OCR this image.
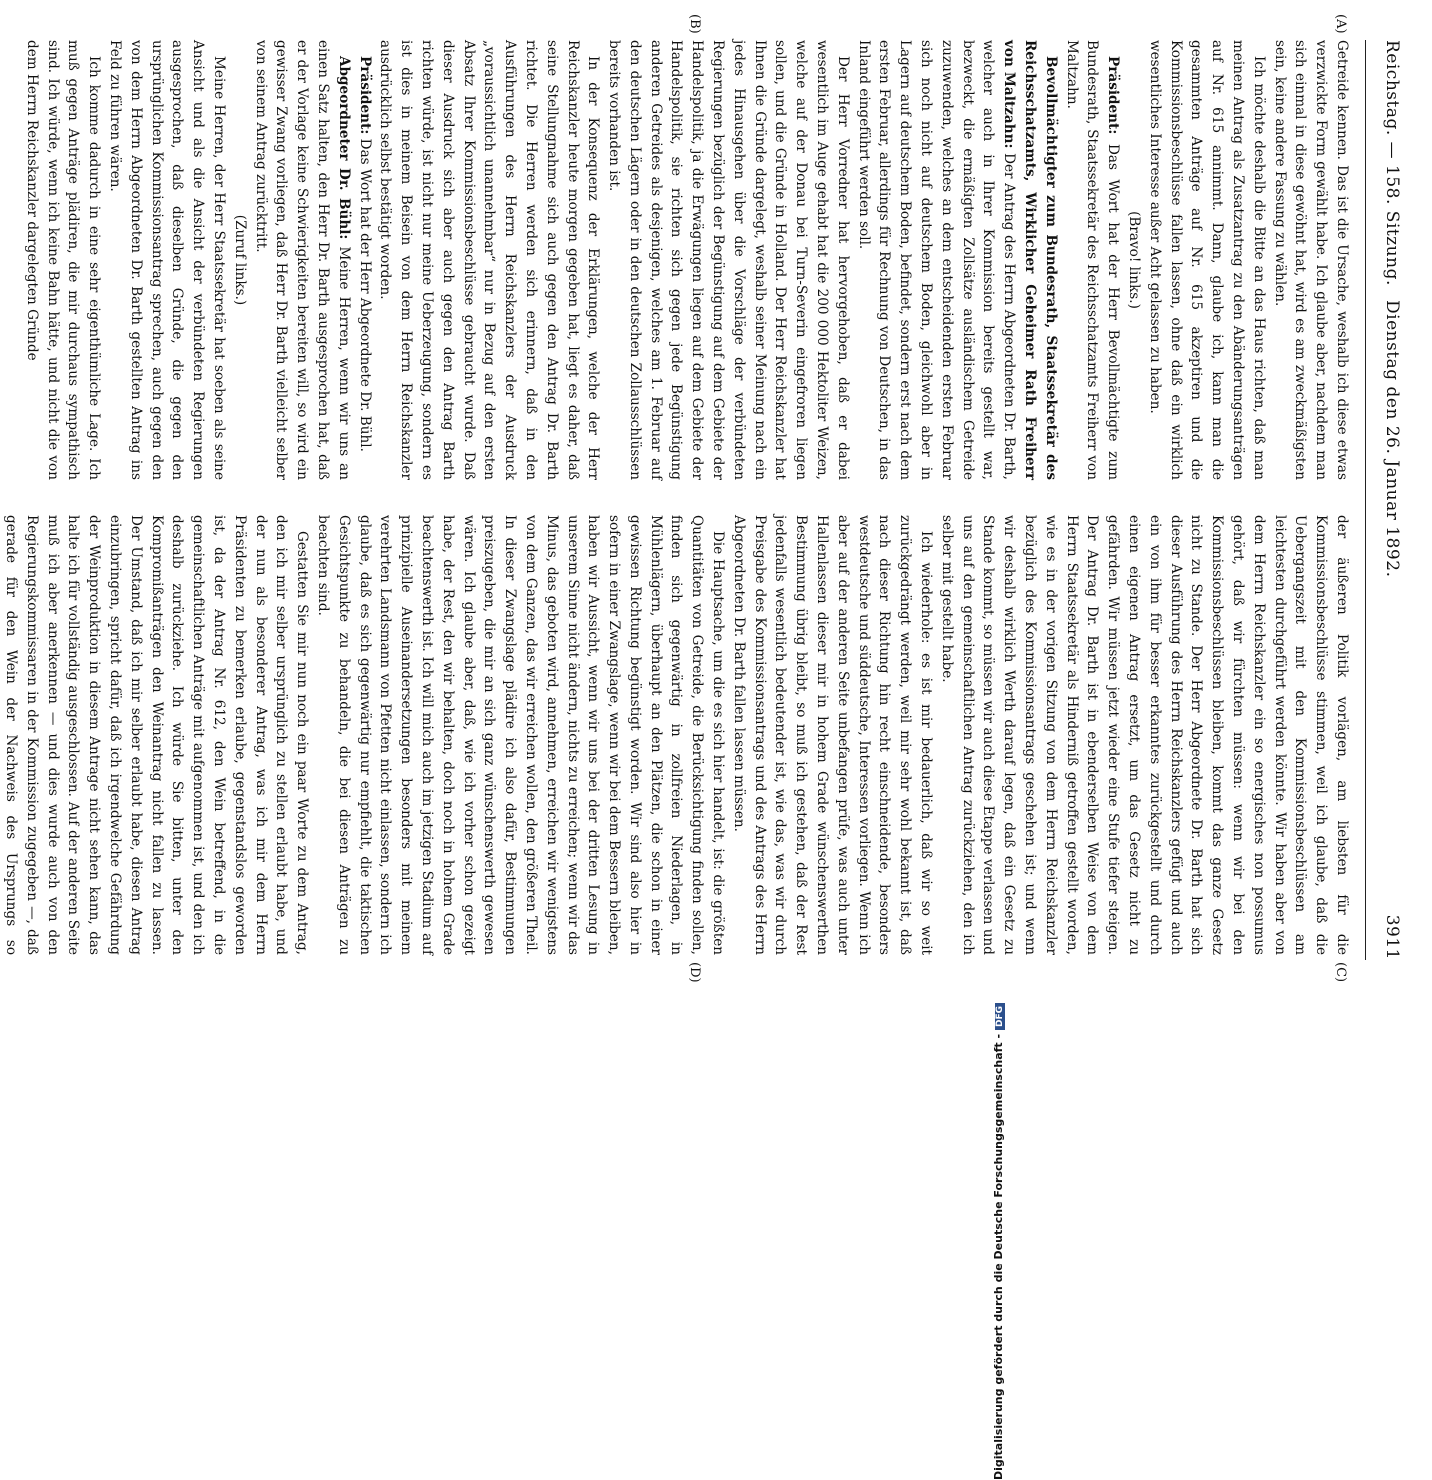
Reichstag. — 158. Sitzung.
Dienstag den 26. Januar 1892.
3911
(A)
(B)
(C)
(D)

Getreide kennen. Das ist die Ursache, weshalb ich diese etwas verzwickte Form gewählt habe. Ich glaube aber, nachdem man sich einmal in diese gewöhnt hat, wird es am zweckmäßigsten sein, keine andere Fassung zu wählen.

Ich möchte deshalb die Bitte an das Haus richten, daß man meinen Antrag als Zusatzantrag zu den Abänderungsanträgen auf Nr. 615 annimmt. Dann, glaube ich, kann man die gesammten Anträge auf Nr. 615 akzeptiren und die Kommissionsbeschlüsse fallen lassen, ohne daß ein wirklich wesentliches Interesse außer Acht gelassen zu haben.

(Bravo! links.)

Präsident: Das Wort hat der Herr Bevollmächtigte zum Bundesrath, Staatssekretär des Reichsschatzamts Freiherr von Maltzahn.

Bevollmächtigter zum Bundesrath, Staatssekretär des Reichsschatzamts, Wirklicher Geheimer Rath Freiherr von Maltzahn: Der Antrag des Herrn Abgeordneten Dr. Barth, welcher auch in Ihrer Kommission bereits gestellt war, bezweckt, die ermäßigten Zollsätze ausländischem Getreide zuzuwenden, welches an dem entscheidenden ersten Februar sich noch nicht auf deutschem Boden, gleichwohl aber in Lagern auf deutschem Boden, befindet, sondern erst nach dem ersten Februar, allerdings für Rechnung von Deutschen, in das Inland eingeführt werden soll.

Der Herr Vorredner hat hervorgehoben, daß er dabei wesentlich im Auge gehabt hat die 200 000 Hektoliter Weizen, welche auf der Donau bei Turn-Severin eingefroren liegen sollen, und die Gründe in Holland. Der Herr Reichskanzler hat Ihnen die Gründe dargelegt, weshalb seiner Meinung nach ein jedes Hinausgehen über die Vorschläge der verbündeten Regierungen bezüglich der Begünstigung auf dem Gebiete der Handelspolitik, ja die Erwägungen liegen auf dem Gebiete der Handelspolitik, sie richten sich gegen jede Begünstigung anderen Getreides als desjenigen, welches am 1. Februar auf den deutschen Lägern oder in den deutschen Zollausschlüssen bereits vorhanden ist.

In der Konsequenz der Erklärungen, welche der Herr Reichskanzler heute morgen gegeben hat, liegt es daher, daß seine Stellungnahme sich auch gegen den Antrag Dr. Barth richtet. Die Herren werden sich erinnern, daß in den Ausführungen des Herrn Reichskanzlers der Ausdruck „voraussichtlich unannehmbar“ nur in Bezug auf den ersten Absatz Ihrer Kommissionsbeschlüsse gebraucht wurde. Daß dieser Ausdruck sich aber auch gegen den Antrag Barth richten würde, ist nicht nur meine Ueberzeugung, sondern es ist dies in meinem Beisein von dem Herrn Reichskanzler ausdrücklich selbst bestätigt worden.

Präsident: Das Wort hat der Herr Abgeordnete Dr. Bühl.

Abgeordneter Dr. Bühl: Meine Herren, wenn wir uns an einen Satz halten, den Herr Dr. Barth ausgesprochen hat, daß er der Vorlage keine Schwierigkeiten bereiten will, so wird ein gewisser Zwang vorliegen, daß Herr Dr. Barth vielleicht selber von seinem Antrag zurücktritt.

(Zuruf links.)

Meine Herren, der Herr Staatssekretär hat soeben als seine Ansicht und als die Ansicht der verbündeten Regierungen ausgesprochen, daß dieselben Gründe, die gegen den ursprünglichen Kommissionsantrag sprechen, auch gegen den von dem Herrn Abgeordneten Dr. Barth gestellten Antrag ins Feld zu führen wären.

Ich komme dadurch in eine sehr eigenthümliche Lage. Ich muß gegen Anträge plädiren, die mir durchaus sympathisch sind. Ich würde, wenn ich keine Bahn hätte, und nicht die von dem Herrn Reichskanzler dargelegten Gründe

der äußeren Politik vorlägen, am liebsten für die Kommissionsbeschlüsse stimmen, weil ich glaube, daß die Uebergangszeit mit den Kommissionsbeschlüssen am leichtesten durchgeführt werden könnte. Wir haben aber von dem Herrn Reichskanzler ein so energisches non possumus gehört, daß wir fürchten müssen: wenn wir bei den Kommissionsbeschlüssen bleiben, kommt das ganze Gesetz nicht zu Stande. Der Herr Abgeordnete Dr. Barth hat sich dieser Ausführung des Herrn Reichskanzlers gefügt und auch ein von ihm für besser erkanntes zurückgestellt und durch einen eigenen Antrag ersetzt, um das Gesetz nicht zu gefährden. Wir müssen jetzt wieder eine Stufe tiefer steigen. Der Antrag Dr. Barth ist in ebenderselben Weise von dem Herrn Staatssekretär als Hinderniß getroffen gestellt worden, wie es in der vorigen Sitzung von dem Herrn Reichskanzler bezüglich des Kommissionsantrags geschehen ist; und wenn wir deshalb wirklich Werth darauf legen, daß ein Gesetz zu Stande kommt, so müssen wir auch diese Etappe verlassen und uns auf den gemeinschaftlichen Antrag zurückziehen, den ich selber mit gestellt habe.

Ich wiederhole: es ist mir bedauerlich, daß wir so weit zurückgedrängt werden, weil mir sehr wohl bekannt ist, daß nach dieser Richtung hin recht einschneidende, besonders westdeutsche und süddeutsche, Interessen vorliegen. Wenn ich aber auf der anderen Seite unbefangen prüfe, was auch unter Hallenlassen dieser mir in hohem Grade wünschenswerthen Bestimmung übrig bleibt, so muß ich gestehen, daß der Rest jedenfalls wesentlich bedeutender ist, wie das, was wir durch Preisgabe des Kommissionsantrags und des Antrags des Herrn Abgeordneten Dr. Barth fallen lassen müssen.

Die Hauptsache, um die es sich hier handelt, ist: die größten Quantitäten von Getreide, die Berücksichtigung finden sollen, finden sich gegenwärtig in zollfreien Niederlagen, in Mühlenlägern, überhaupt an den Plätzen, die schon in einer gewissen Richtung begünstigt worden. Wir sind also hier in sofern in einer Zwangslage, wenn wir bei dem Bessern bleiben, haben wir Aussicht, wenn wir uns bei der dritten Lesung in unserem Sinne nicht ändern, nichts zu erreichen; wenn wir das Minus, das geboten wird, annehmen, erreichen wir wenigstens von dem Ganzen, das wir erreichen wollen, den größeren Theil. In dieser Zwangslage plädire ich also dafür, Bestimmungen preiszugeben, die mir an sich ganz wünschenswerth gewesen wären. Ich glaube aber, daß, wie ich vorher schon gezeigt habe, der Rest, den wir behalten, doch noch in hohem Grade beachtenswerth ist. Ich will mich auch im jetzigen Stadium auf prinzipielle Auseinandersetzungen besonders mit meinem verehrten Landsmann von Pfetten nicht einlassen, sondern ich glaube, daß es sich gegenwärtig nur empfiehlt, die taktischen Gesichtspunkte zu behandeln, die bei diesen Anträgen zu beachten sind.

Gestatten Sie mir nun noch ein paar Worte zu dem Antrag, den ich mir selber ursprünglich zu stellen erlaubt habe, und der nun als besonderer Antrag, was ich mir dem Herrn Präsidenten zu bemerken erlaube, gegenstandslos geworden ist, da der Antrag Nr. 612, den Wein betreffend, in die gemeinschaftlichen Anträge mit aufgenommen ist, und den ich deshalb zurückziehe. Ich würde Sie bitten, unter den Kompromißanträgen den Weinantrag nicht fallen zu lassen. Der Umstand, daß ich mir selber erlaubt habe, diesen Antrag einzubringen, spricht dafür, daß ich irgendwelche Gefährdung der Weinproduktion in diesem Antrage nicht sehen kann, das halte ich für vollständig ausgeschlossen. Auf der anderen Seite muß ich aber anerkennen — und dies wurde auch von den Regierungskommissaren in der Kommission zugegeben —, daß gerade für den Wein der Nachweis des Ursprungs so

Digitalisierung gefördert durch die Deutsche Forschungsgemeinschaft -DFG
